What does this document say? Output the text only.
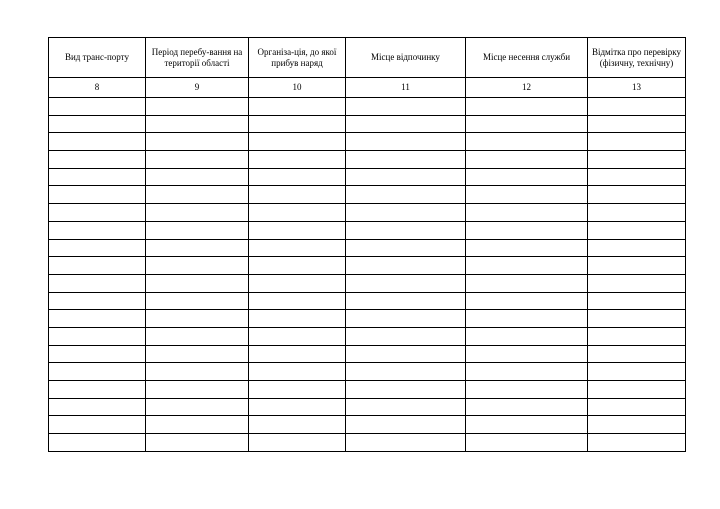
Вид транс-порту	Період перебу-вання на території області	Організа-ція, до якої прибув наряд	Місце відпочинку	Місце несення служби	Відмітка про перевірку (фізичну, технічну)
8	9	10	11	12	13
